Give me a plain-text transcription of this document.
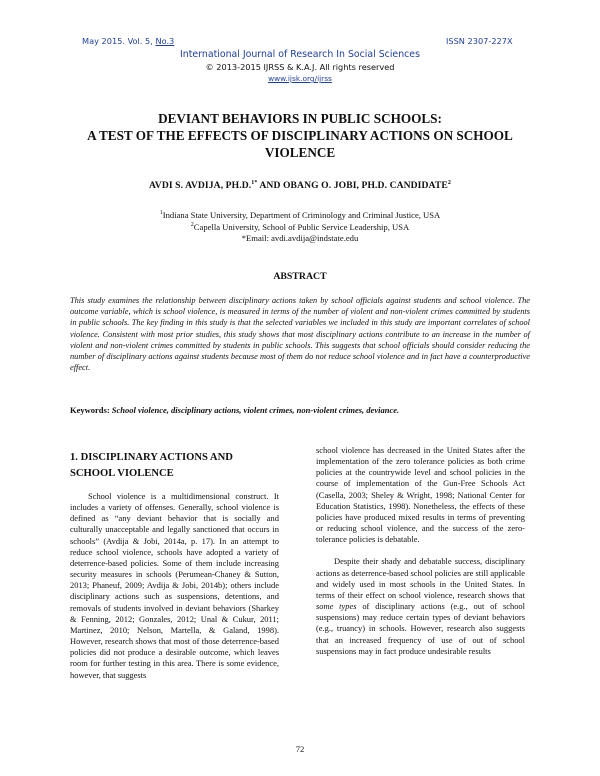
May 2015. Vol. 5, No.3	ISSN 2307-227X
International Journal of Research In Social Sciences
© 2013-2015 IJRSS & K.A.J. All rights reserved
www.ijsk.org/ijrss
DEVIANT BEHAVIORS IN PUBLIC SCHOOLS:
A TEST OF THE EFFECTS OF DISCIPLINARY ACTIONS ON SCHOOL
VIOLENCE
AVDI S. AVDIJA, PH.D.$^{1*}$ AND OBANG O. JOBI, PH.D. CANDIDATE$^2$
$^1$Indiana State University, Department of Criminology and Criminal Justice, USA
$^2$Capella University, School of Public Service Leadership, USA
*Email: avdi.avdija@indstate.edu
ABSTRACT
This study examines the relationship between disciplinary actions taken by school officials against students and school violence. The outcome variable, which is school violence, is measured in terms of the number of violent and non-violent crimes committed by students in public schools. The key finding in this study is that the selected variables we included in this study are important correlates of school violence. Consistent with most prior studies, this study shows that most disciplinary actions contribute to an increase in the number of violent and non-violent crimes committed by students in public schools. This suggests that school officials should consider reducing the number of disciplinary actions against students because most of them do not reduce school violence and in fact have a counterproductive effect.
Keywords: School violence, disciplinary actions, violent crimes, non-violent crimes, deviance.
1. DISCIPLINARY ACTIONS AND
SCHOOL VIOLENCE

School violence is a multidimensional construct. It includes a variety of offenses. Generally, school violence is defined as “any deviant behavior that is socially and culturally unacceptable and legally sanctioned that occurs in schools” (Avdija & Jobi, 2014a, p. 17). In an attempt to reduce school violence, schools have adopted a variety of deterrence-based policies. Some of them include increasing security measures in schools (Perumean-Chaney & Sutton, 2013; Phaneuf, 2009; Avdija & Jobi, 2014b); others include disciplinary actions such as suspensions, detentions, and removals of students involved in deviant behaviors (Sharkey & Fenning, 2012; Gonzales, 2012; Unal & Cukur, 2011; Martinez, 2010; Nelson, Martella, & Galand, 1998). However, research shows that most of those deterrence-based policies did not produce a desirable outcome, which leaves room for further testing in this area. There is some evidence, however, that suggests

school violence has decreased in the United States after the implementation of the zero tolerance policies as both crime policies at the countrywide level and school policies in the course of implementation of the Gun-Free Schools Act (Casella, 2003; Sheley & Wright, 1998; National Center for Education Statistics, 1998). Nonetheless, the effects of these policies have produced mixed results in terms of preventing or reducing school violence, and the success of the zero-tolerance policies is debatable.

Despite their shady and debatable success, disciplinary actions as deterrence-based school policies are still applicable and widely used in most schools in the United States. In terms of their effect on school violence, research shows that some types of disciplinary actions (e.g., out of school suspensions) may reduce certain types of deviant behaviors (e.g., truancy) in schools. However, research also suggests that an increased frequency of use of out of school suspensions may in fact produce undesirable results

72
